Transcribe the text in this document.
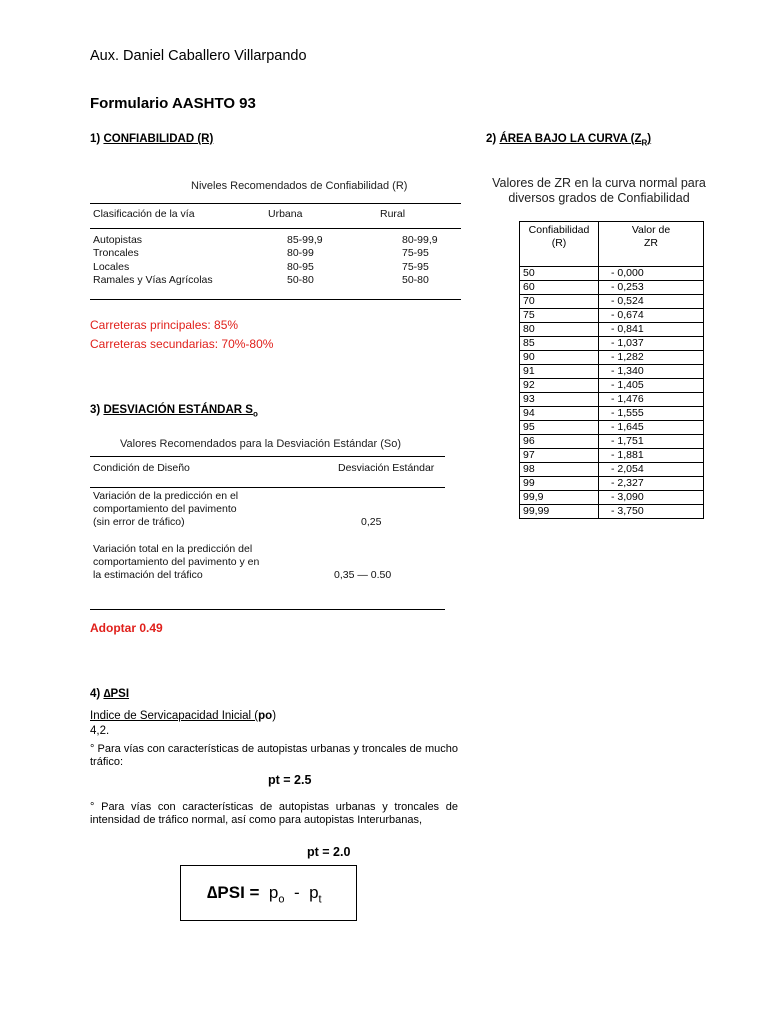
Aux. Daniel Caballero Villarpando
Formulario AASHTO 93
1) CONFIABILIDAD (R)
Niveles Recomendados de Confiabilidad (R)
Clasificación de la vía	Urbana	Rural
Autopistas	85-99,9	80-99,9
Troncales	80-99	75-95
Locales	80-95	75-95
Ramales y Vías Agrícolas	50-80	50-80
Carreteras principales: 85%
Carreteras secundarias: 70%-80%
2) ÁREA BAJO LA CURVA $(Z_R)$
Valores de ZR en la curva normal para
diversos grados de Confiabilidad
Confiabilidad
(R)	Valor de
ZR
50	- 0,000
60	- 0,253
70	- 0,524
75	- 0,674
80	- 0,841
85	- 1,037
90	- 1,282
91	- 1,340
92	- 1,405
93	- 1,476
94	- 1,555
95	- 1,645
96	- 1,751
97	- 1,881
98	- 2,054
99	- 2,327
99,9	- 3,090
99,99	- 3,750
3) DESVIACIÓN ESTÁNDAR $S_o$
Valores Recomendados para la Desviación Estándar (So)
Condición de Diseño	Desviación Estándar
Variación de la predicción en el
comportamiento del pavimento
(sin error de tráfico)	0,25
Variación total en la predicción del
comportamiento del pavimento y en
la estimación del tráfico	0,35 — 0.50
Adoptar 0.49
4) ∆PSI
Indice de Servicapacidad Inicial (po)
4,2.
° Para vías con características de autopistas urbanas y troncales de mucho tráfico:
pt = 2.5
° Para vías con características de autopistas urbanas y troncales de intensidad de tráfico normal, así como para autopistas Interurbanas,
pt = 2.0
$\Delta PSI = p_o - p_t$
